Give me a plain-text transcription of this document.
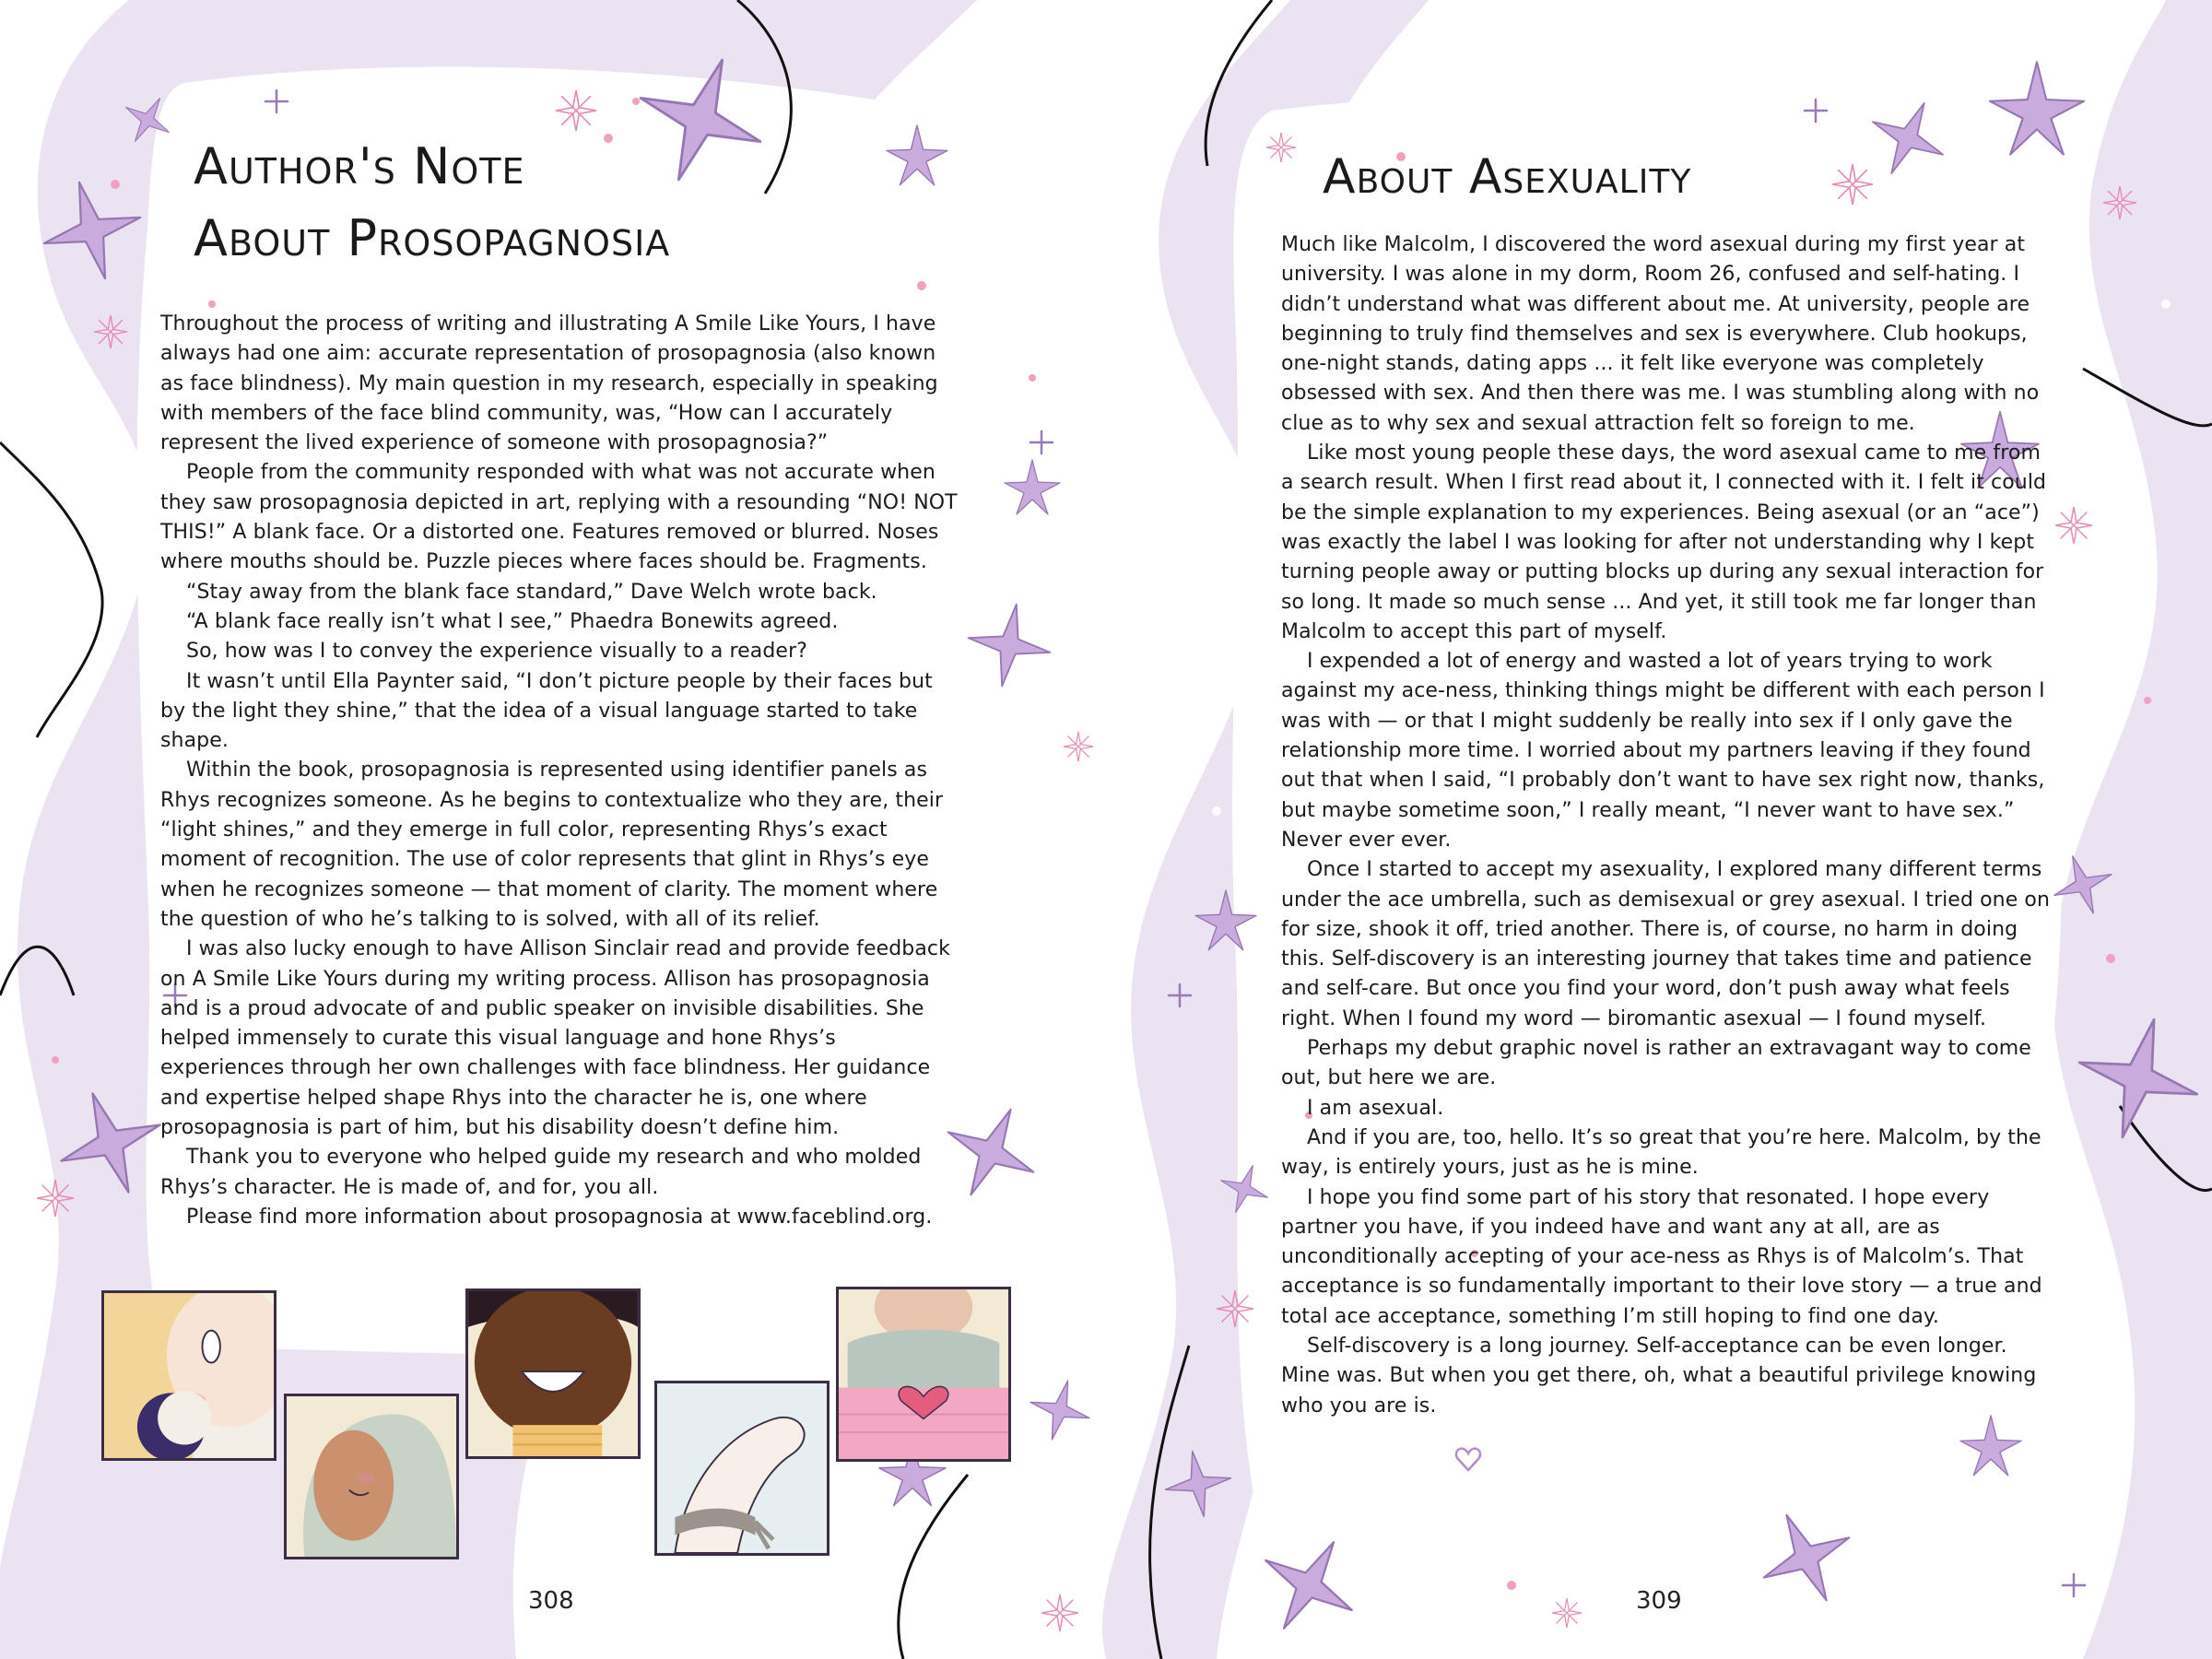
Author's Note
About Prosopagnosia

Throughout the process of writing and illustrating A Smile Like Yours, I have always had one aim: accurate representation of prosopagnosia (also known as face blindness). My main question in my research, especially in speaking with members of the face blind community, was, “How can I accurately represent the lived experience of someone with prosopagnosia?”

People from the community responded with what was not accurate when they saw prosopagnosia depicted in art, replying with a resounding “NO! NOT THIS!” A blank face. Or a distorted one. Features removed or blurred. Noses where mouths should be. Puzzle pieces where faces should be. Fragments.

“Stay away from the blank face standard,” Dave Welch wrote back.

“A blank face really isn’t what I see,” Phaedra Bonewits agreed.

So, how was I to convey the experience visually to a reader?

It wasn’t until Ella Paynter said, “I don’t picture people by their faces but by the light they shine,” that the idea of a visual language started to take shape.

Within the book, prosopagnosia is represented using identifier panels as Rhys recognizes someone. As he begins to contextualize who they are, their “light shines,” and they emerge in full color, representing Rhys’s exact moment of recognition. The use of color represents that glint in Rhys’s eye when he recognizes someone — that moment of clarity. The moment where the question of who he’s talking to is solved, with all of its relief.

I was also lucky enough to have Allison Sinclair read and provide feedback on A Smile Like Yours during my writing process. Allison has prosopagnosia and is a proud advocate of and public speaker on invisible disabilities. She helped immensely to curate this visual language and hone Rhys’s experiences through her own challenges with face blindness. Her guidance and expertise helped shape Rhys into the character he is, one where prosopagnosia is part of him, but his disability doesn’t define him.

Thank you to everyone who helped guide my research and who molded Rhys’s character. He is made of, and for, you all.

Please find more information about prosopagnosia at www.faceblind.org.

308
About Asexuality

Much like Malcolm, I discovered the word asexual during my first year at university. I was alone in my dorm, Room 26, confused and self-hating. I didn’t understand what was different about me. At university, people are beginning to truly find themselves and sex is everywhere. Club hookups, one-night stands, dating apps ... it felt like everyone was completely obsessed with sex. And then there was me. I was stumbling along with no clue as to why sex and sexual attraction felt so foreign to me.

Like most young people these days, the word asexual came to me from a search result. When I first read about it, I connected with it. I felt it could be the simple explanation to my experiences. Being asexual (or an “ace”) was exactly the label I was looking for after not understanding why I kept turning people away or putting blocks up during any sexual interaction for so long. It made so much sense ... And yet, it still took me far longer than Malcolm to accept this part of myself.

I expended a lot of energy and wasted a lot of years trying to work against my ace-ness, thinking things might be different with each person I was with — or that I might suddenly be really into sex if I only gave the relationship more time. I worried about my partners leaving if they found out that when I said, “I probably don’t want to have sex right now, thanks, but maybe sometime soon,” I really meant, “I never want to have sex.” Never ever ever.

Once I started to accept my asexuality, I explored many different terms under the ace umbrella, such as demisexual or grey asexual. I tried one on for size, shook it off, tried another. There is, of course, no harm in doing this. Self-discovery is an interesting journey that takes time and patience and self-care. But once you find your word, don’t push away what feels right. When I found my word — biromantic asexual — I found myself.

Perhaps my debut graphic novel is rather an extravagant way to come out, but here we are.

I am asexual.

And if you are, too, hello. It’s so great that you’re here. Malcolm, by the way, is entirely yours, just as he is mine.

I hope you find some part of his story that resonated. I hope every partner you have, if you indeed have and want any at all, are as unconditionally accepting of your ace-ness as Rhys is of Malcolm’s. That acceptance is so fundamentally important to their love story — a true and total ace acceptance, something I’m still hoping to find one day.

Self-discovery is a long journey. Self-acceptance can be even longer. Mine was. But when you get there, oh, what a beautiful privilege knowing who you are is.

309
